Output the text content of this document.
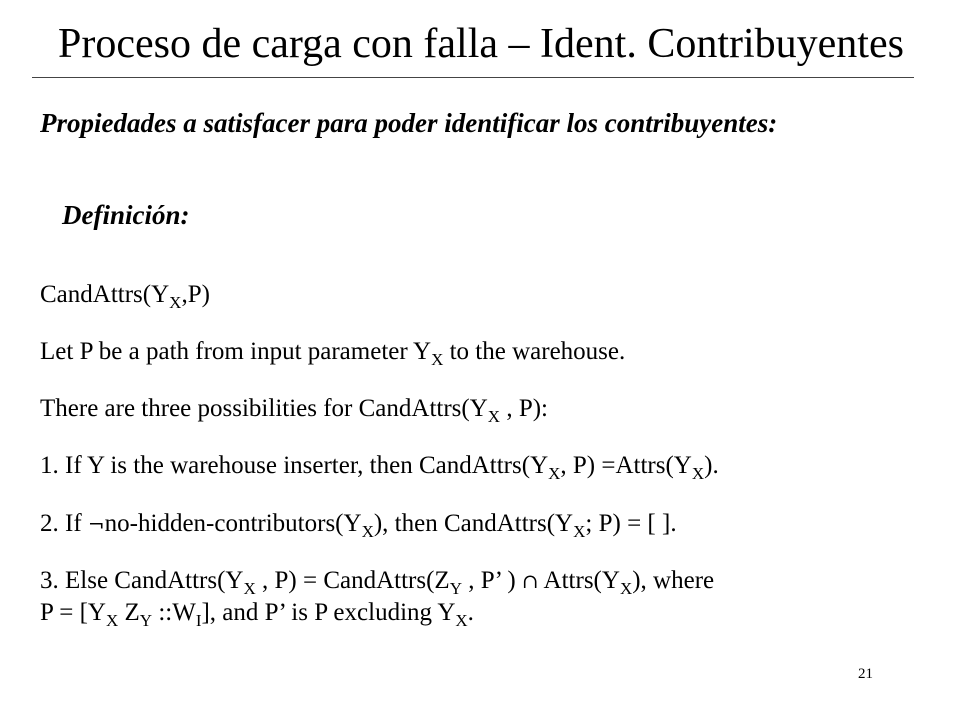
Proceso de carga con falla – Ident. Contribuyentes
Propiedades a satisfacer para poder identificar los contribuyentes:
Definición:
$CandAttrs(Y_X,P)$
Let P be a path from input parameter $Y_X$ to the warehouse.
There are three possibilities for $CandAttrs(Y_X$ , P):
1. If Y is the warehouse inserter, then $CandAttrs(Y_X$, $P) =Attrs(Y_X)$.
2. If $\neg no-hidden-contributors(Y_X)$, then $CandAttrs(Y_X$; P) = [ ].
3. Else $CandAttrs(Y_X$ , $P) = CandAttrs(Z_Y$ , P’ ) ∩ $Attrs(Y_X)$, where
$P = [Y_X$ $Z_Y$ $::W_I$], and P’ is P excluding $Y_X$.
21
